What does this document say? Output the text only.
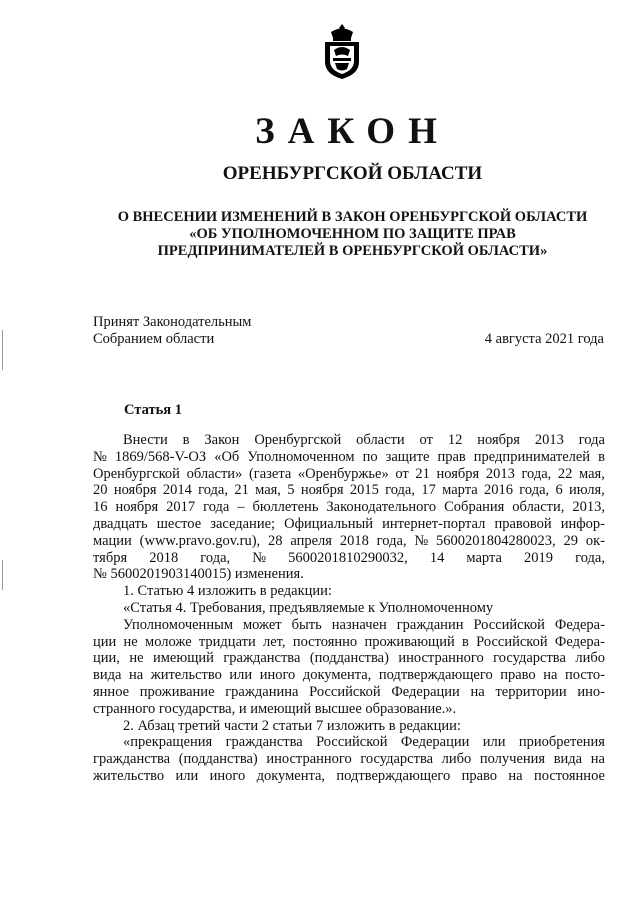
ЗАКОН
ОРЕНБУРГСКОЙ ОБЛАСТИ
О ВНЕСЕНИИ ИЗМЕНЕНИЙ В ЗАКОН ОРЕНБУРГСКОЙ ОБЛАСТИ
«ОБ УПОЛНОМОЧЕННОМ ПО ЗАЩИТЕ ПРАВ
ПРЕДПРИНИМАТЕЛЕЙ В ОРЕНБУРГСКОЙ ОБЛАСТИ»
Принят Законодательным
Собранием области	4 августа 2021 года
Статья 1
Внести в Закон Оренбургской области от 12 ноября 2013 года
№ 1869/568-V-ОЗ «Об Уполномоченном по защите прав предпринимателей в
Оренбургской области» (газета «Оренбуржье» от 21 ноября 2013 года, 22 мая,
20 ноября 2014 года, 21 мая, 5 ноября 2015 года, 17 марта 2016 года, 6 июля,
16 ноября 2017 года – бюллетень Законодательного Собрания области, 2013,
двадцать шестое заседание; Официальный интернет-портал правовой инфор-
мации (www.pravo.gov.ru), 28 апреля 2018 года, № 5600201804280023, 29 ок-
тября 2018 года, № 5600201810290032, 14 марта 2019 года,
№ 5600201903140015) изменения.
1. Статью 4 изложить в редакции:
«Статья 4. Требования, предъявляемые к Уполномоченному
Уполномоченным может быть назначен гражданин Российской Федера-
ции не моложе тридцати лет, постоянно проживающий в Российской Федера-
ции, не имеющий гражданства (подданства) иностранного государства либо
вида на жительство или иного документа, подтверждающего право на посто-
янное проживание гражданина Российской Федерации на территории ино-
странного государства, и имеющий высшее образование.».
2. Абзац третий части 2 статьи 7 изложить в редакции:
«прекращения гражданства Российской Федерации или приобретения
гражданства (подданства) иностранного государства либо получения вида на
жительство или иного документа, подтверждающего право на постоянное
